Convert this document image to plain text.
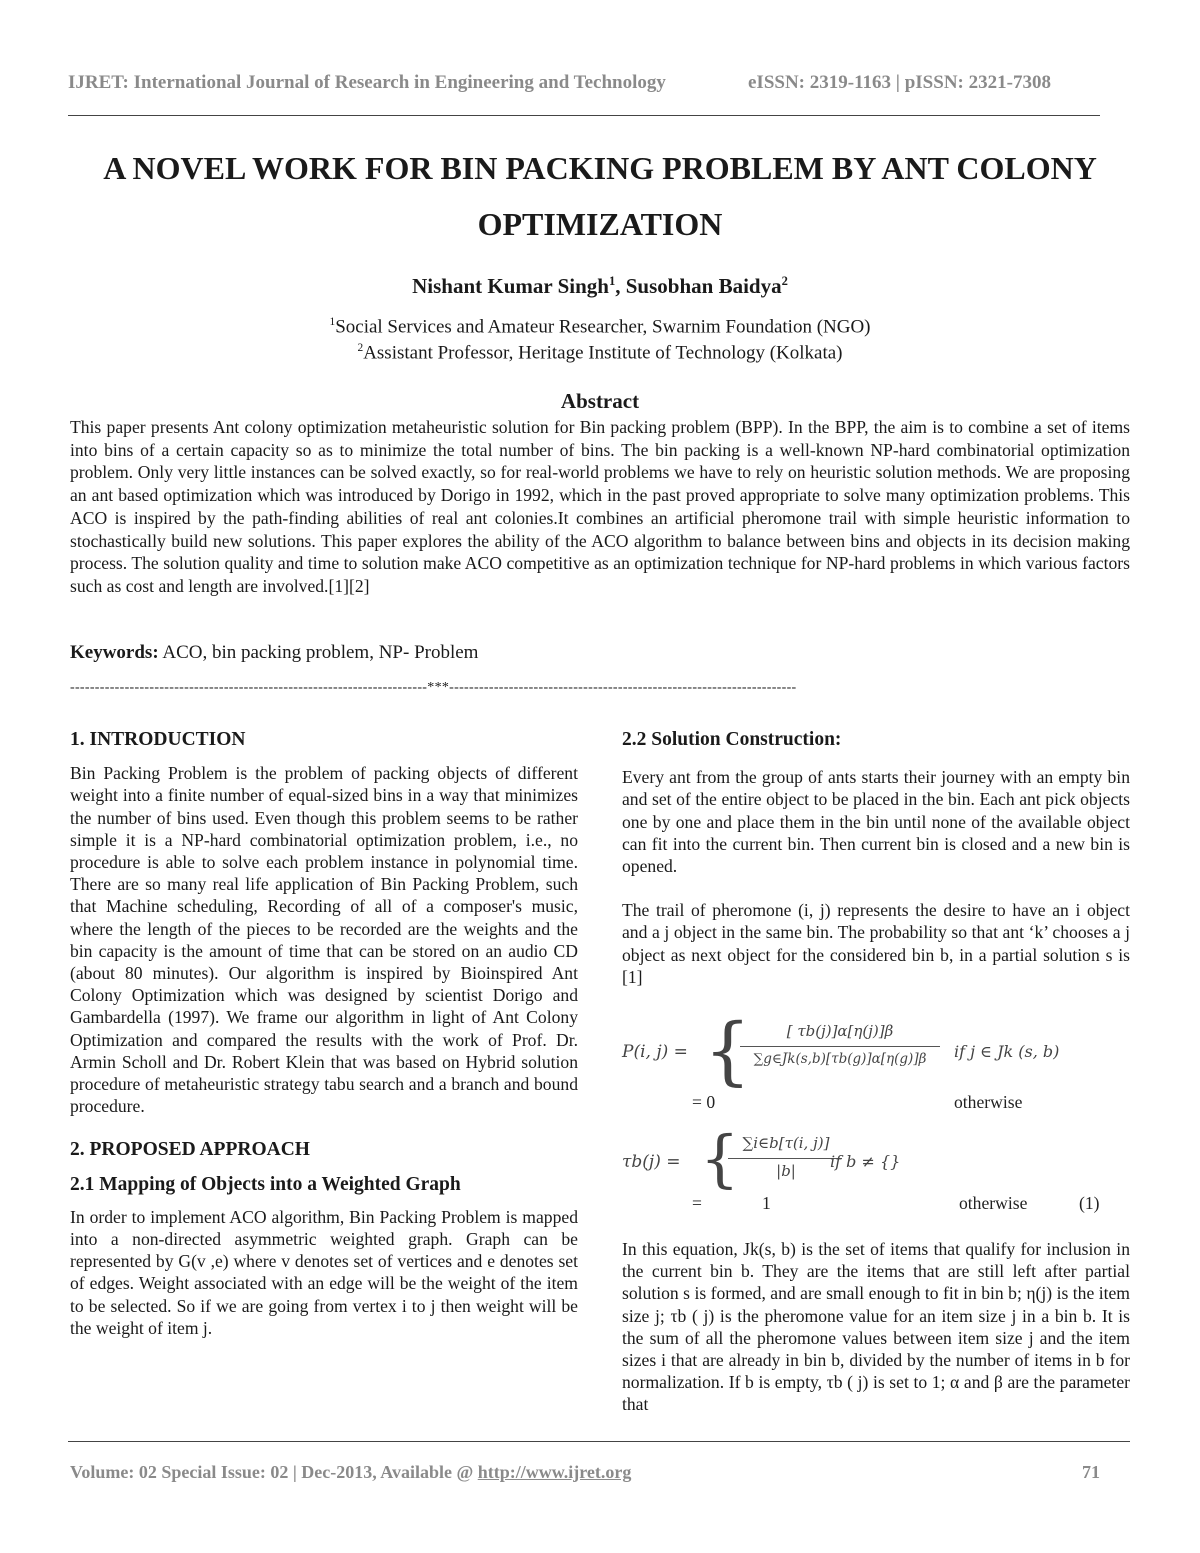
IJRET: International Journal of Research in Engineering and Technology	eISSN: 2319-1163 | pISSN: 2321-7308
A NOVEL WORK FOR BIN PACKING PROBLEM BY ANT COLONY
OPTIMIZATION
Nishant Kumar Singh$^1$, Susobhan Baidya$^2$
$^1$Social Services and Amateur Researcher, Swarnim Foundation (NGO)
$^2$Assistant Professor, Heritage Institute of Technology (Kolkata)
Abstract
This paper presents Ant colony optimization metaheuristic solution for Bin packing problem (BPP). In the BPP, the aim is to combine a set of items into bins of a certain capacity so as to minimize the total number of bins. The bin packing is a well-known NP-hard combinatorial optimization problem. Only very little instances can be solved exactly, so for real-world problems we have to rely on heuristic solution methods. We are proposing an ant based optimization which was introduced by Dorigo in 1992, which in the past proved appropriate to solve many optimization problems. This ACO is inspired by the path-finding abilities of real ant colonies.It combines an artificial pheromone trail with simple heuristic information to stochastically build new solutions. This paper explores the ability of the ACO algorithm to balance between bins and objects in its decision making process. The solution quality and time to solution make ACO competitive as an optimization technique for NP-hard problems in which various factors such as cost and length are involved.[1][2]
Keywords: ACO, bin packing problem, NP- Problem
------------------------------------------------------------------------***----------------------------------------------------------------------
1. INTRODUCTION
Bin Packing Problem is the problem of packing objects of different weight into a finite number of equal-sized bins in a way that minimizes the number of bins used. Even though this problem seems to be rather simple it is a NP-hard combinatorial optimization problem, i.e., no procedure is able to solve each problem instance in polynomial time. There are so many real life application of Bin Packing Problem, such that Machine scheduling, Recording of all of a composer's music, where the length of the pieces to be recorded are the weights and the bin capacity is the amount of time that can be stored on an audio CD (about 80 minutes). Our algorithm is inspired by Bioinspired Ant Colony Optimization which was designed by scientist Dorigo and Gambardella (1997). We frame our algorithm in light of Ant Colony Optimization and compared the results with the work of Prof. Dr. Armin Scholl and Dr. Robert Klein that was based on Hybrid solution procedure of metaheuristic strategy tabu search and a branch and bound procedure.
2. PROPOSED APPROACH
2.1 Mapping of Objects into a Weighted Graph
In order to implement ACO algorithm, Bin Packing Problem is mapped into a non-directed asymmetric weighted graph. Graph can be represented by G(v ,e) where v denotes set of vertices and e denotes set of edges. Weight associated with an edge will be the weight of the item to be selected. So if we are going from vertex i to j then weight will be the weight of item j.
2.2 Solution Construction:
Every ant from the group of ants starts their journey with an empty bin and set of the entire object to be placed in the bin. Each ant pick objects one by one and place them in the bin until none of the available object can fit into the current bin. Then current bin is closed and a new bin is opened.
The trail of pheromone (i, j) represents the desire to have an i object and a j object in the same bin. The probability so that ant ‘k’ chooses a j object as next object for the considered bin b, in a partial solution s is [1]
P(i, j) = {	[ τb(j)]α[η(j)]β
∑g∈Jk(s,b)[τb(g)]α[η(g)]β	if j ∈ Jk (s, b)
= 0	otherwise
τb(j) = { ∑i∈b[τ(i, j)]
|b|	if b ≠ {}
=	1	otherwise	(1)
In this equation, Jk(s, b) is the set of items that qualify for inclusion in the current bin b. They are the items that are still left after partial solution s is formed, and are small enough to fit in bin b; η(j) is the item size j; τb ( j) is the pheromone value for an item size j in a bin b. It is the sum of all the pheromone values between item size j and the item sizes i that are already in bin b, divided by the number of items in b for normalization. If b is empty, τb ( j) is set to 1; α and β are the parameter that
Volume: 02 Special Issue: 02 | Dec-2013, Available @ http://www.ijret.org	71
